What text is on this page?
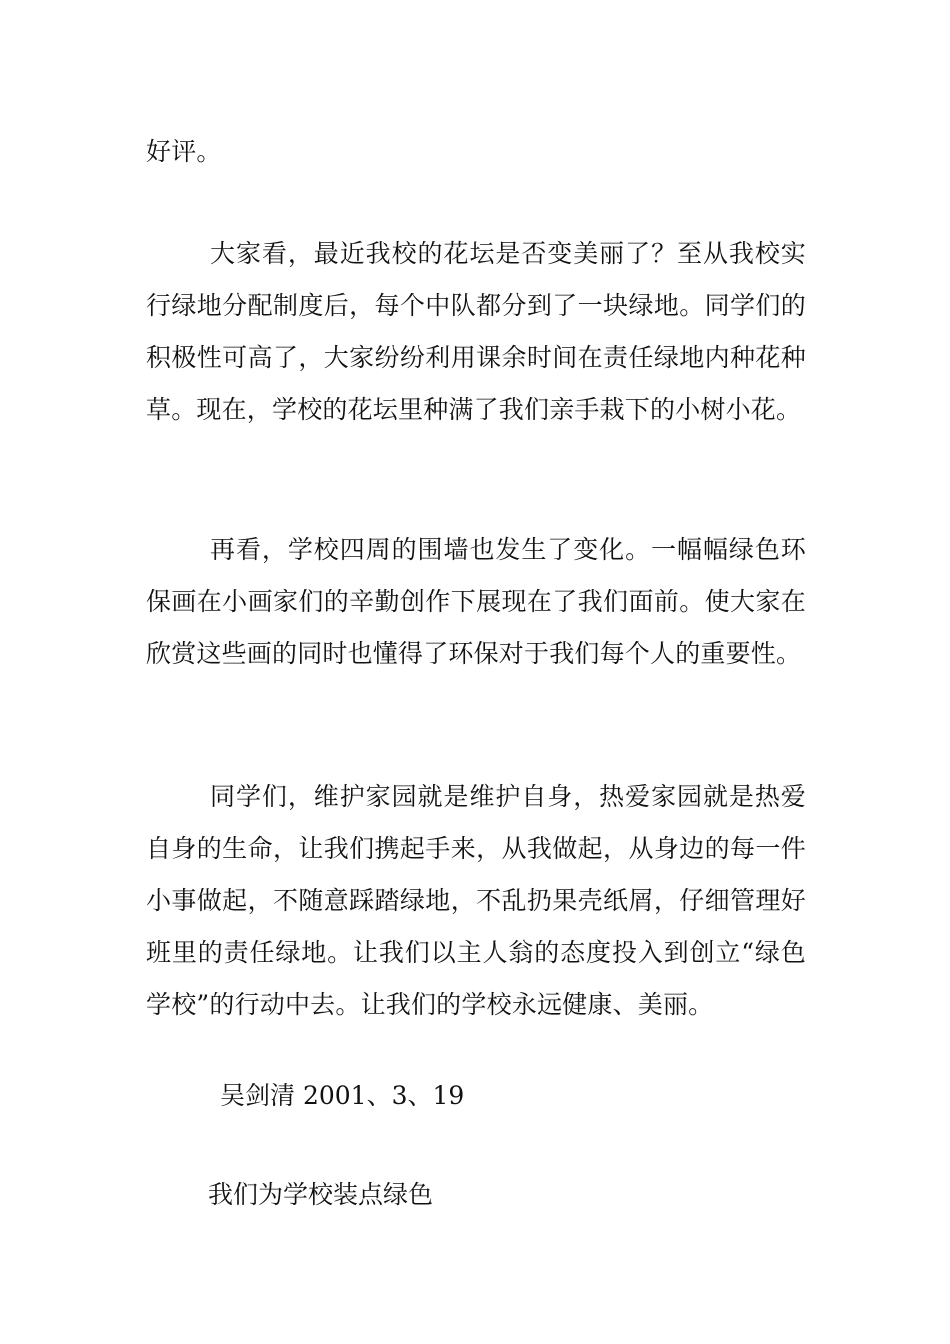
好评。

大家看，最近我校的花坛是否变美丽了？至从我校实行绿地分配制度后，每个中队都分到了一块绿地。同学们的积极性可高了，大家纷纷利用课余时间在责任绿地内种花种草。现在，学校的花坛里种满了我们亲手栽下的小树小花。

再看，学校四周的围墙也发生了变化。一幅幅绿色环保画在小画家们的辛勤创作下展现在了我们面前。使大家在欣赏这些画的同时也懂得了环保对于我们每个人的重要性。

同学们，维护家园就是维护自身，热爱家园就是热爱自身的生命，让我们携起手来，从我做起，从身边的每一件小事做起，不随意踩踏绿地，不乱扔果壳纸屑，仔细管理好班里的责任绿地。让我们以主人翁的态度投入到创立“绿色学校”的行动中去。让我们的学校永远健康、美丽。

吴剑清 2001、3、19

我们为学校装点绿色
